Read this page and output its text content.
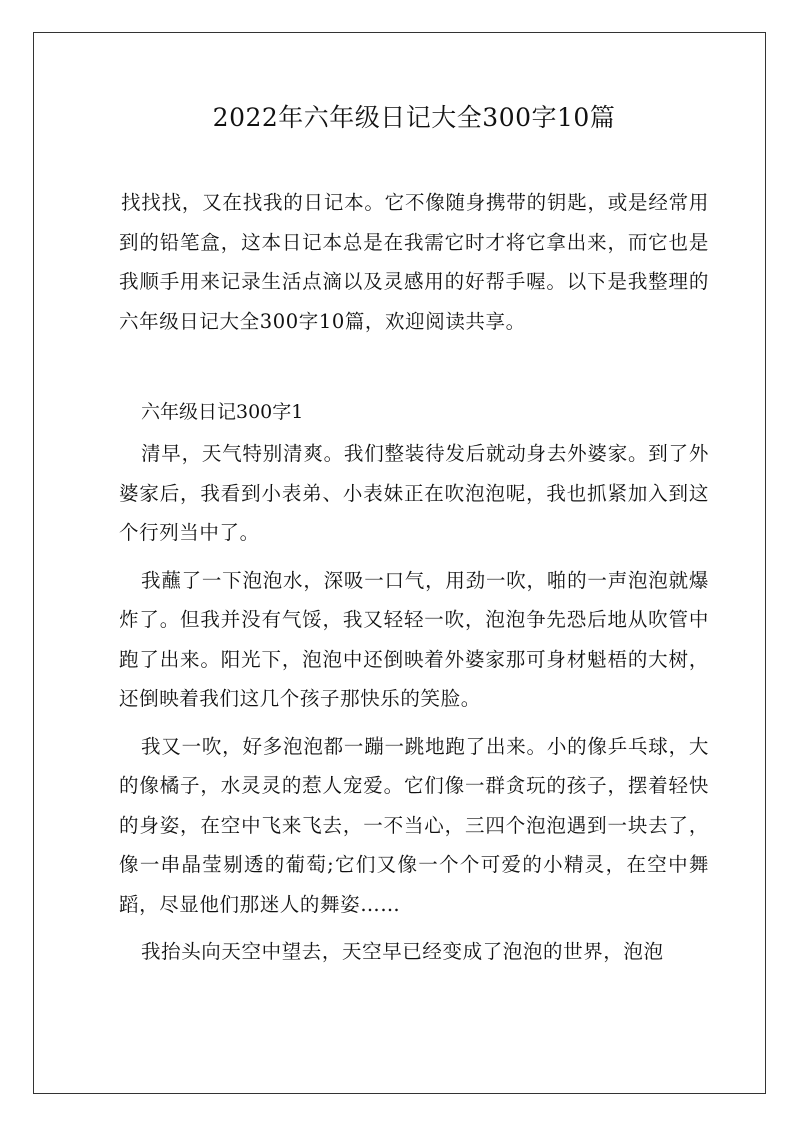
2022年六年级日记大全300字10篇

找找找，又在找我的日记本。它不像随身携带的钥匙，或是经常用到的铅笔盒，这本日记本总是在我需它时才将它拿出来，而它也是我顺手用来记录生活点滴以及灵感用的好帮手喔。以下是我整理的六年级日记大全300字10篇，欢迎阅读共享。

六年级日记300字1

清早，天气特别清爽。我们整装待发后就动身去外婆家。到了外婆家后，我看到小表弟、小表妹正在吹泡泡呢，我也抓紧加入到这个行列当中了。

我蘸了一下泡泡水，深吸一口气，用劲一吹，啪的一声泡泡就爆炸了。但我并没有气馁，我又轻轻一吹，泡泡争先恐后地从吹管中跑了出来。阳光下，泡泡中还倒映着外婆家那可身材魁梧的大树，还倒映着我们这几个孩子那快乐的笑脸。

我又一吹，好多泡泡都一蹦一跳地跑了出来。小的像乒乓球，大的像橘子，水灵灵的惹人宠爱。它们像一群贪玩的孩子，摆着轻快的身姿，在空中飞来飞去，一不当心，三四个泡泡遇到一块去了，像一串晶莹剔透的葡萄;它们又像一个个可爱的小精灵，在空中舞蹈，尽显他们那迷人的舞姿……

我抬头向天空中望去，天空早已经变成了泡泡的世界，泡泡
